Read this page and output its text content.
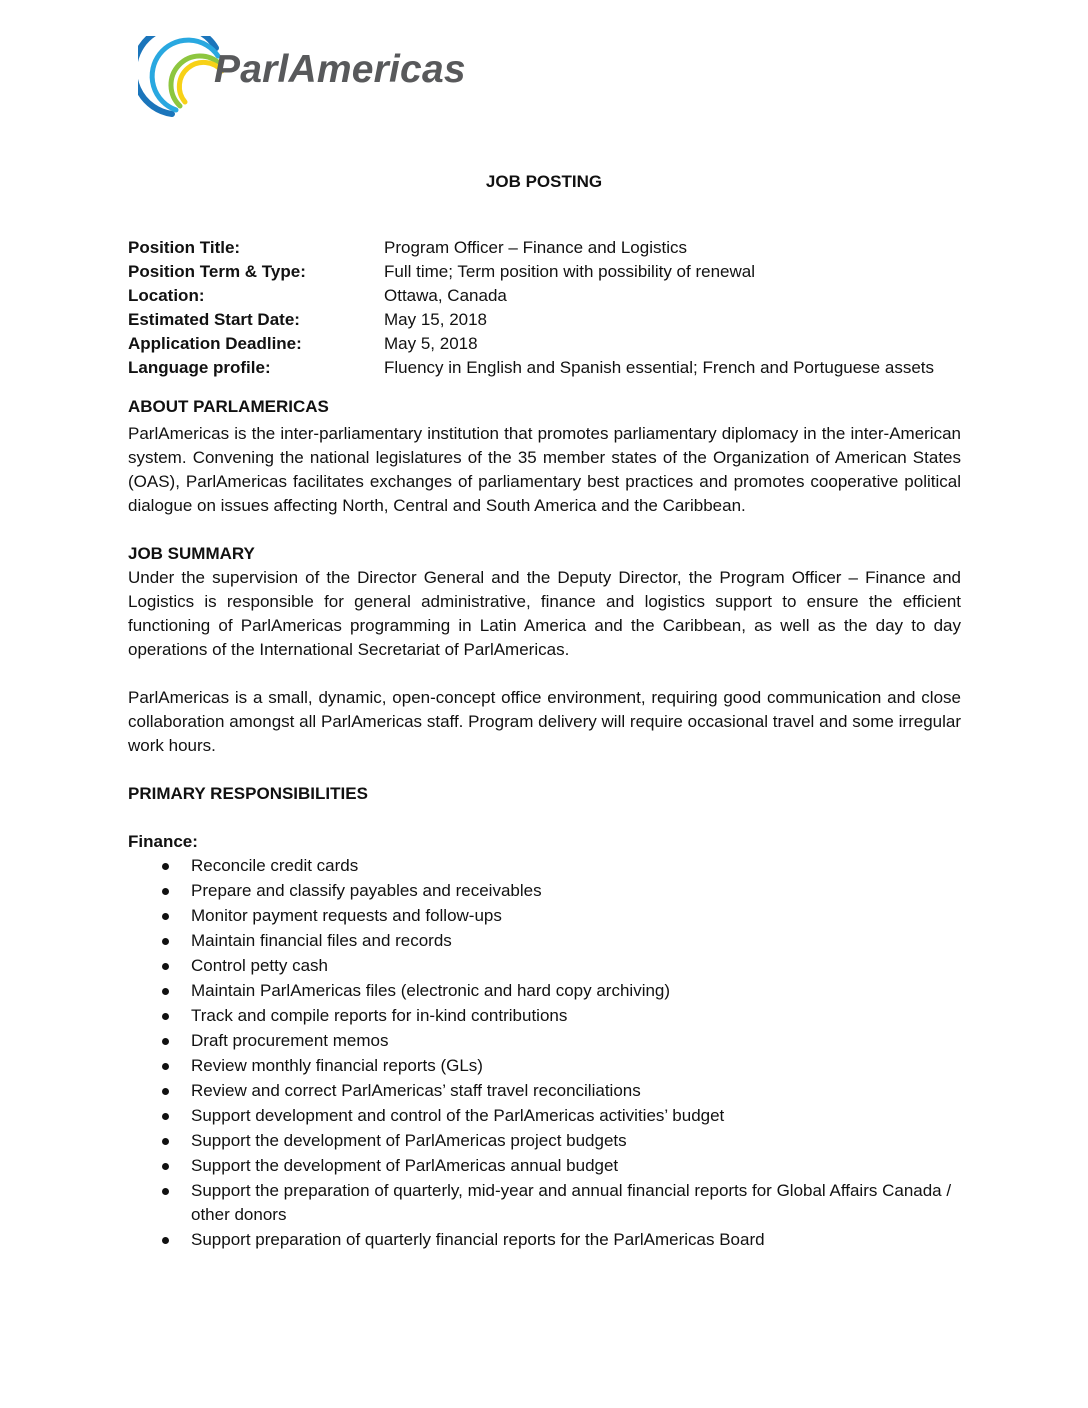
ParlAmericas
JOB POSTING
Position Title:	Program Officer – Finance and Logistics
Position Term & Type:	Full time; Term position with possibility of renewal
Location:	Ottawa, Canada
Estimated Start Date:	May 15, 2018
Application Deadline:	May 5, 2018
Language profile:	Fluency in English and Spanish essential; French and Portuguese assets
ABOUT PARLAMERICAS

ParlAmericas is the inter-parliamentary institution that promotes parliamentary diplomacy in the inter-American system. Convening the national legislatures of the 35 member states of the Organization of American States (OAS), ParlAmericas facilitates exchanges of parliamentary best practices and promotes cooperative political dialogue on issues affecting North, Central and South America and the Caribbean.

JOB SUMMARY

Under the supervision of the Director General and the Deputy Director, the Program Officer – Finance and Logistics is responsible for general administrative, finance and logistics support to ensure the efficient functioning of ParlAmericas programming in Latin America and the Caribbean, as well as the day to day operations of the International Secretariat of ParlAmericas.

ParlAmericas is a small, dynamic, open-concept office environment, requiring good communication and close collaboration amongst all ParlAmericas staff. Program delivery will require occasional travel and some irregular work hours.

PRIMARY RESPONSIBILITIES
Finance:
Reconcile credit cards
Prepare and classify payables and receivables
Monitor payment requests and follow-ups
Maintain financial files and records
Control petty cash
Maintain ParlAmericas files (electronic and hard copy archiving)
Track and compile reports for in-kind contributions
Draft procurement memos
Review monthly financial reports (GLs)
Review and correct ParlAmericas’ staff travel reconciliations
Support development and control of the ParlAmericas activities’ budget
Support the development of ParlAmericas project budgets
Support the development of ParlAmericas annual budget
Support the preparation of quarterly, mid-year and annual financial reports for Global Affairs Canada / other donors
Support preparation of quarterly financial reports for the ParlAmericas Board
